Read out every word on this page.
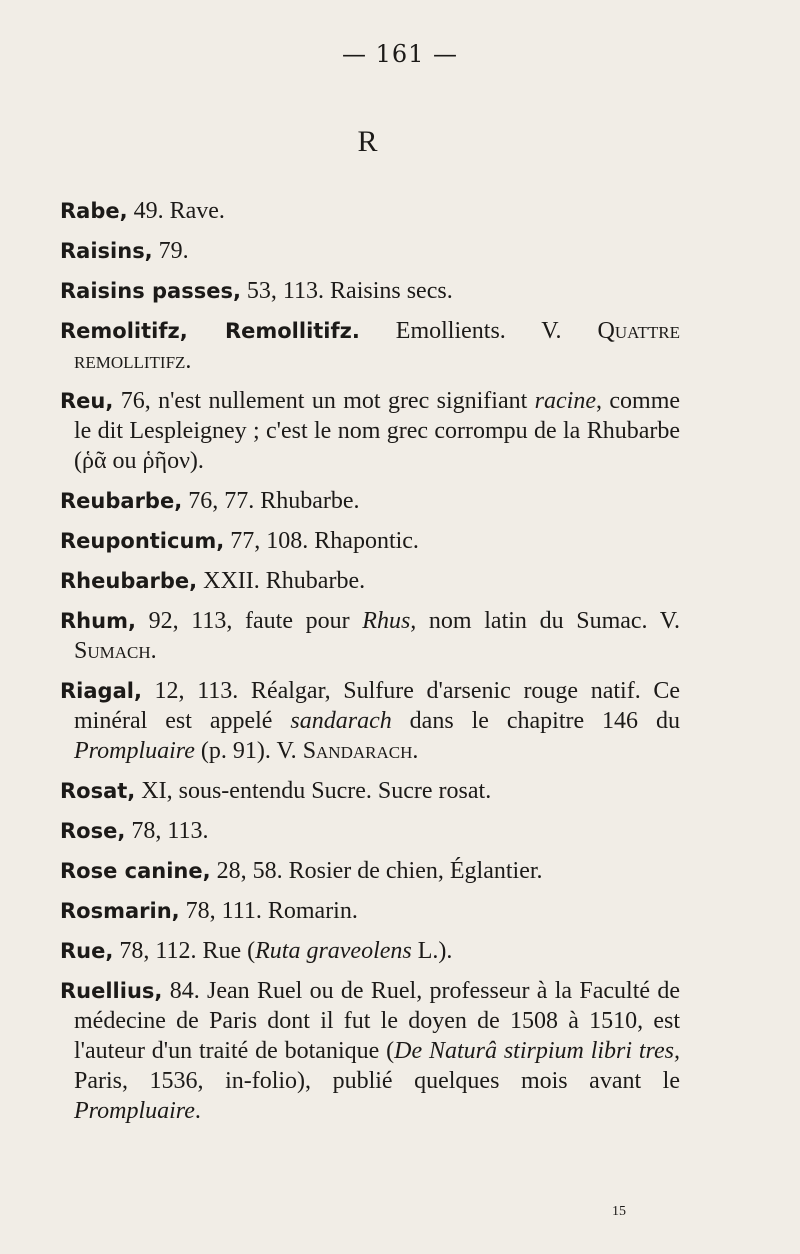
— 161 —
R

Rabe, 49. Rave.

Raisins, 79.

Raisins passes, 53, 113. Raisins secs.

Remolitifz, Remollitifz. Emollients. V. Quattre remollitifz.

Reu, 76, n'est nullement un mot grec signifiant racine, comme le dit Lespleigney ; c'est le nom grec corrompu de la Rhubarbe (ῥᾶ ou ῥῆον).

Reubarbe, 76, 77. Rhubarbe.

Reuponticum, 77, 108. Rhapontic.

Rheubarbe, XXII. Rhubarbe.

Rhum, 92, 113, faute pour Rhus, nom latin du Sumac. V. Sumach.

Riagal, 12, 113. Réalgar, Sulfure d'arsenic rouge natif. Ce minéral est appelé sandarach dans le chapitre 146 du Prompluaire (p. 91). V. Sandarach.

Rosat, XI, sous-entendu Sucre. Sucre rosat.

Rose, 78, 113.

Rose canine, 28, 58. Rosier de chien, Églantier.

Rosmarin, 78, 111. Romarin.

Rue, 78, 112. Rue (Ruta graveolens L.).

Ruellius, 84. Jean Ruel ou de Ruel, professeur à la Faculté de médecine de Paris dont il fut le doyen de 1508 à 1510, est l'auteur d'un traité de botanique (De Naturâ stirpium libri tres, Paris, 1536, in-folio), publié quelques mois avant le Prompluaire.

15
